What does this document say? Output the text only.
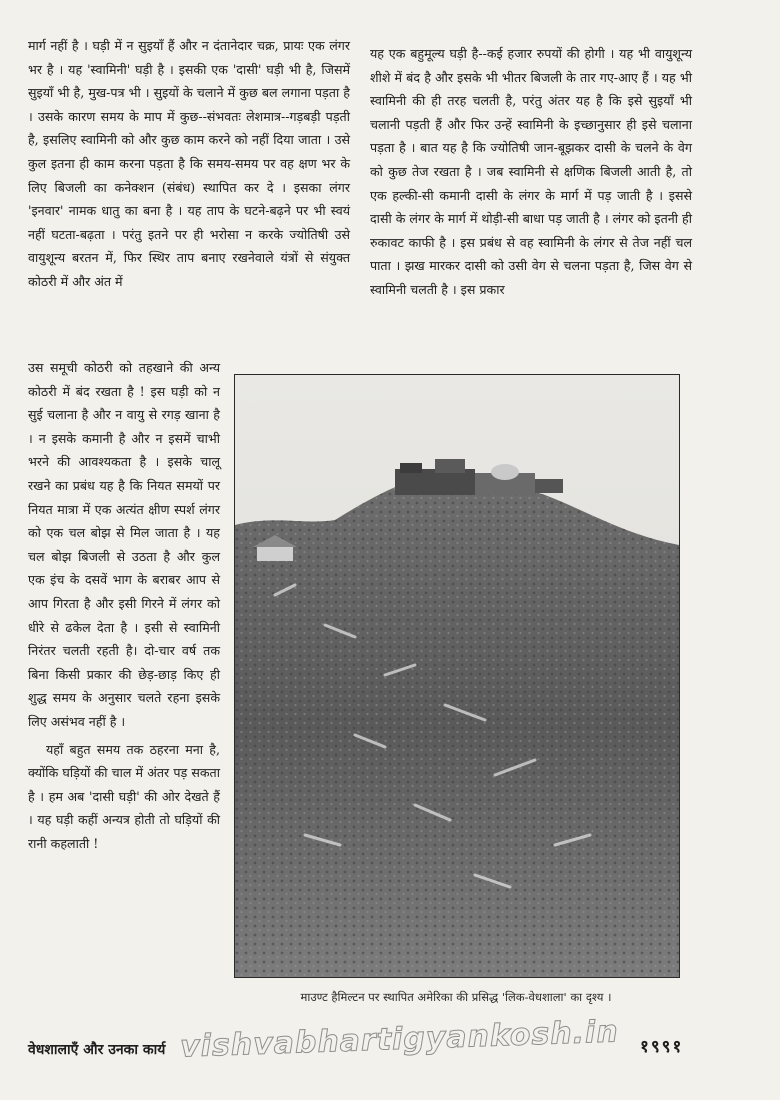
मार्ग नहीं है । घड़ी में न सुइयाँ हैं और न दंतानेदार चक्र, प्रायः एक लंगर भर है । यह 'स्वामिनी' घड़ी है । इसकी एक 'दासी' घड़ी भी है, जिसमें सुइयाँ भी है, मुख-पत्र भी । सुइयों के चलाने में कुछ बल लगाना पड़ता है । उसके कारण समय के माप में कुछ--संभवतः लेशमात्र--गड़बड़ी पड़ती है, इसलिए स्वामिनी को और कुछ काम करने को नहीं दिया जाता । उसे कुल इतना ही काम करना पड़ता है कि समय-समय पर वह क्षण भर के लिए बिजली का कनेक्शन (संबंध) स्थापित कर दे । इसका लंगर 'इनवार' नामक धातु का बना है । यह ताप के घटने-बढ़ने पर भी स्वयं नहीं घटता-बढ़ता । परंतु इतने पर ही भरोसा न करके ज्योतिषी उसे वायुशून्य बरतन में, फिर स्थिर ताप बनाए रखनेवाले यंत्रों से संयुक्त कोठरी में और अंत में

यह एक बहुमूल्य घड़ी है--कई हजार रुपयों की होगी । यह भी वायुशून्य शीशे में बंद है और इसके भी भीतर बिजली के तार गए-आए हैं । यह भी स्वामिनी की ही तरह चलती है, परंतु अंतर यह है कि इसे सुइयाँ भी चलानी पड़ती हैं और फिर उन्हें स्वामिनी के इच्छानुसार ही इसे चलाना पड़ता है । बात यह है कि ज्योतिषी जान-बूझकर दासी के चलने के वेग को कुछ तेज रखता है । जब स्वामिनी से क्षणिक बिजली आती है, तो एक हल्की-सी कमानी दासी के लंगर के मार्ग में पड़ जाती है । इससे दासी के लंगर के मार्ग में थोड़ी-सी बाधा पड़ जाती है । लंगर को इतनी ही रुकावट काफी है । इस प्रबंध से वह स्वामिनी के लंगर से तेज नहीं चल पाता । झख मारकर दासी को उसी वेग से चलना पड़ता है, जिस वेग से स्वामिनी चलती है । इस प्रकार

उस समूची कोठरी को तहखाने की अन्य कोठरी में बंद रखता है ! इस घड़ी को न सुई चलाना है और न वायु से रगड़ खाना है । न इसके कमानी है और न इसमें चाभी भरने की आवश्यकता है । इसके चालू रखने का प्रबंध यह है कि नियत समयों पर नियत मात्रा में एक अत्यंत क्षीण स्पर्श लंगर को एक चल बोझ से मिल जाता है । यह चल बोझ बिजली से उठता है और कुल एक इंच के दसवें भाग के बराबर आप से आप गिरता है और इसी गिरने में लंगर को धीरे से ढकेल देता है । इसी से स्वामिनी निरंतर चलती रहती है। दो-चार वर्ष तक बिना किसी प्रकार की छेड़-छाड़ किए ही शुद्ध समय के अनुसार चलते रहना इसके लिए असंभव नहीं है ।

यहाँ बहुत समय तक ठहरना मना है, क्योंकि घड़ियों की चाल में अंतर पड़ सकता है । हम अब 'दासी घड़ी' की ओर देखते हैं । यह घड़ी कहीं अन्यत्र होती तो घड़ियों की रानी कहलाती !

माउण्ट हैमिल्टन पर स्थापित अमेरिका की प्रसिद्ध 'लिक-वेधशाला' का दृश्य ।
वेधशालाएँ और उनका कार्य	१९९१
vishvabhartigyankosh.in
